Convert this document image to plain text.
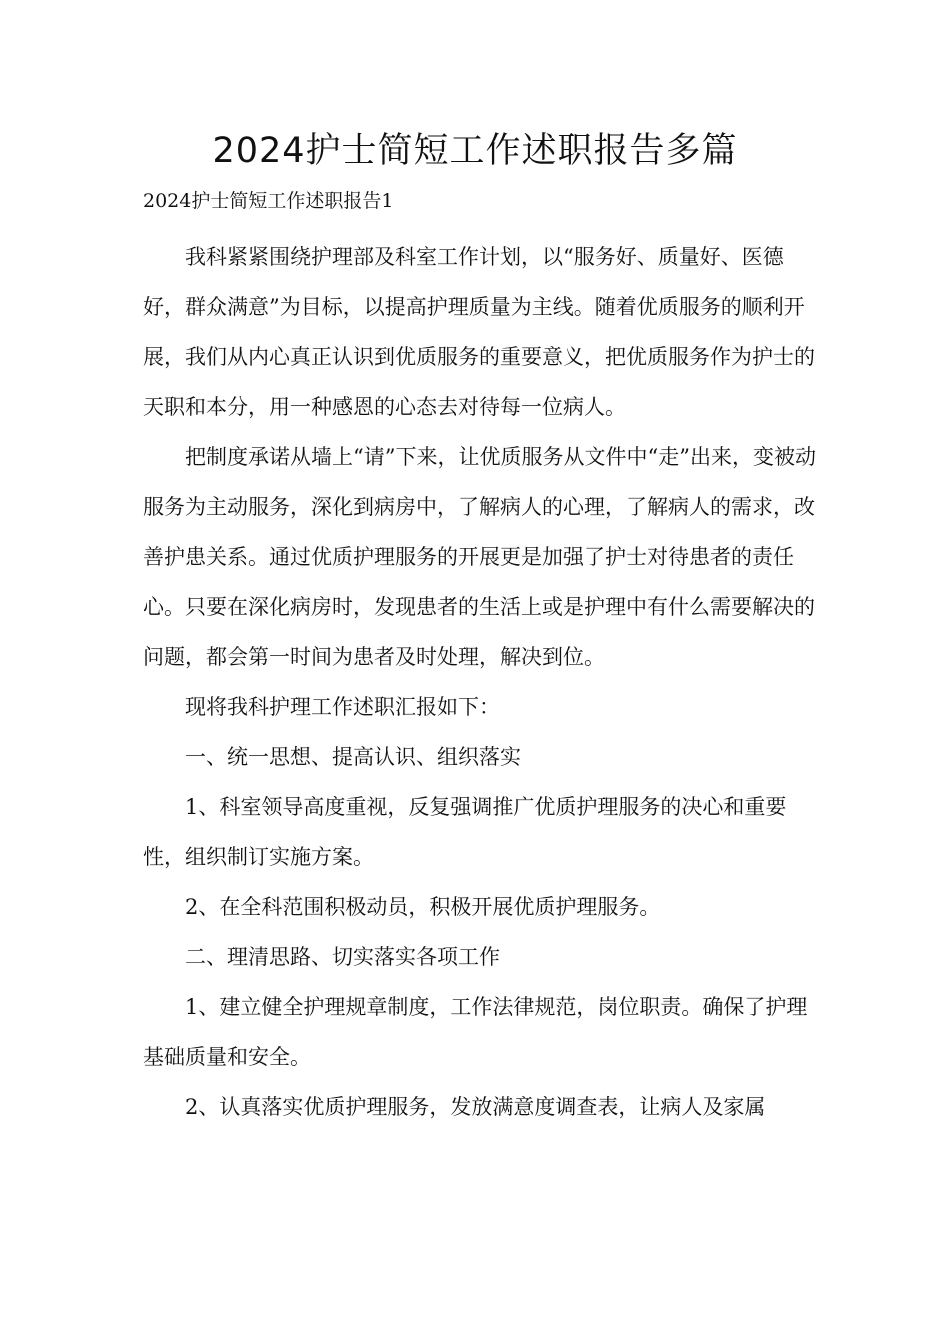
2024护士简短工作述职报告多篇

2024护士简短工作述职报告1

我科紧紧围绕护理部及科室工作计划，以“服务好、质量好、医德好，群众满意”为目标，以提高护理质量为主线。随着优质服务的顺利开展，我们从内心真正认识到优质服务的重要意义，把优质服务作为护士的天职和本分，用一种感恩的心态去对待每一位病人。

把制度承诺从墙上“请”下来，让优质服务从文件中“走”出来，变被动服务为主动服务，深化到病房中，了解病人的心理，了解病人的需求，改善护患关系。通过优质护理服务的开展更是加强了护士对待患者的责任心。只要在深化病房时，发现患者的生活上或是护理中有什么需要解决的问题，都会第一时间为患者及时处理，解决到位。

现将我科护理工作述职汇报如下：

一、统一思想、提高认识、组织落实

1、科室领导高度重视，反复强调推广优质护理服务的决心和重要性，组织制订实施方案。

2、在全科范围积极动员，积极开展优质护理服务。

二、理清思路、切实落实各项工作

1、建立健全护理规章制度，工作法律规范，岗位职责。确保了护理基础质量和安全。

2、认真落实优质护理服务，发放满意度调查表，让病人及家属
